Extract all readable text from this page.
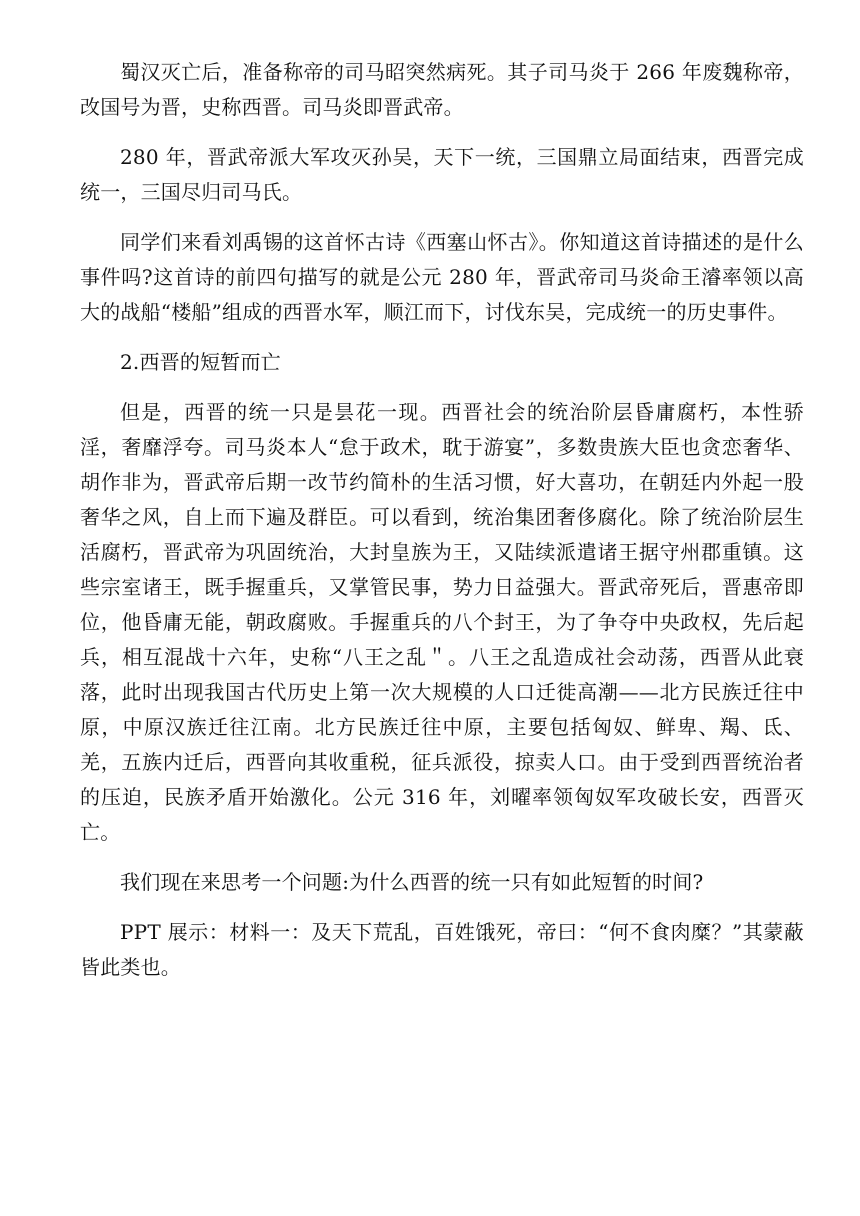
蜀汉灭亡后，准备称帝的司马昭突然病死。其子司马炎于 266 年废魏称帝，改国号为晋，史称西晋。司马炎即晋武帝。

280 年，晋武帝派大军攻灭孙吴，天下一统，三国鼎立局面结束，西晋完成统一，三国尽归司马氏。

同学们来看刘禹锡的这首怀古诗《西塞山怀古》。你知道这首诗描述的是什么事件吗?这首诗的前四句描写的就是公元 280 年，晋武帝司马炎命王濬率领以高大的战船“楼船”组成的西晋水军，顺江而下，讨伐东吴，完成统一的历史事件。

2.西晋的短暂而亡

但是，西晋的统一只是昙花一现。西晋社会的统治阶层昏庸腐朽，本性骄淫，奢靡浮夸。司马炎本人“怠于政术，耽于游宴”，多数贵族大臣也贪恋奢华、胡作非为，晋武帝后期一改节约简朴的生活习惯，好大喜功，在朝廷内外起一股奢华之风，自上而下遍及群臣。可以看到，统治集团奢侈腐化。除了统治阶层生活腐朽，晋武帝为巩固统治，大封皇族为王，又陆续派遣诸王据守州郡重镇。这些宗室诸王，既手握重兵，又掌管民事，势力日益强大。晋武帝死后，晋惠帝即位，他昏庸无能，朝政腐败。手握重兵的八个封王，为了争夺中央政权，先后起兵，相互混战十六年，史称“八王之乱＂。八王之乱造成社会动荡，西晋从此衰落，此时出现我国古代历史上第一次大规模的人口迁徙高潮——北方民族迁往中原，中原汉族迁往江南。北方民族迁往中原，主要包括匈奴、鲜卑、羯、氐、羌，五族内迁后，西晋向其收重税，征兵派役，掠卖人口。由于受到西晋统治者的压迫，民族矛盾开始激化。公元 316 年，刘曜率领匈奴军攻破长安，西晋灭亡。

我们现在来思考一个问题:为什么西晋的统一只有如此短暂的时间?

PPT 展示：材料一：及天下荒乱，百姓饿死，帝曰：“何不食肉糜？”其蒙蔽皆此类也。
